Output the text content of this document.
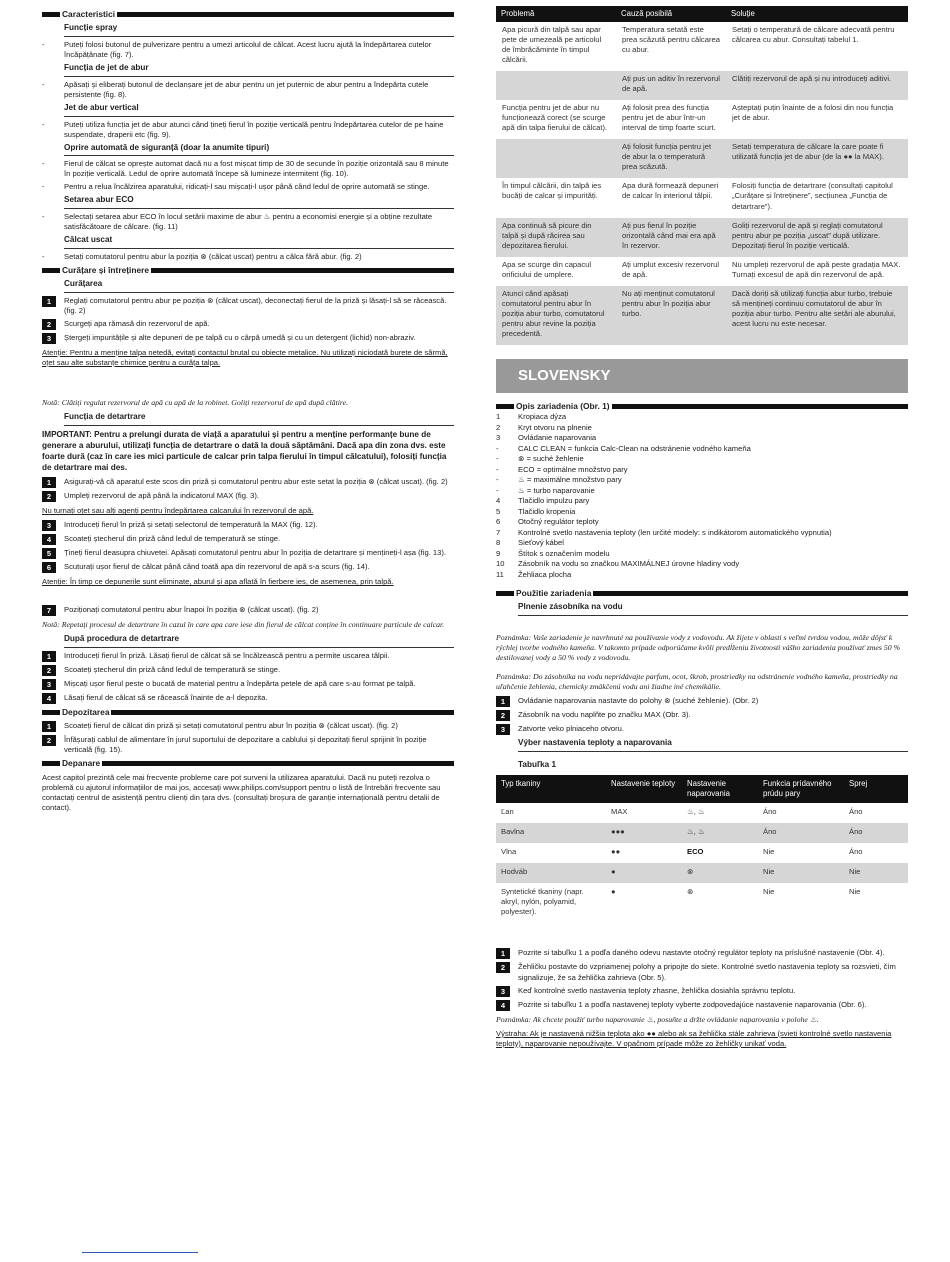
Caracteristici
Funcție spray
-	Puteți folosi butonul de pulverizare pentru a umezi articolul de călcat. Acest lucru ajută la îndepărtarea cutelor încăpățânate (fig. 7).
Funcția de jet de abur
-	Apăsați și eliberați butonul de declanșare jet de abur pentru un jet puternic de abur pentru a îndepărta cutele persistente (fig. 8).
Jet de abur vertical
-	Puteți utiliza funcția jet de abur atunci când țineți fierul în poziție verticală pentru îndepărtarea cutelor de pe haine suspendate, draperii etc (fig. 9).
Oprire automată de siguranță (doar la anumite tipuri)
-	Fierul de călcat se oprește automat dacă nu a fost mișcat timp de 30 de secunde în poziție orizontală sau 8 minute în poziție verticală. Ledul de oprire automată începe să lumineze intermitent (fig. 10).
-	Pentru a relua încălzirea aparatului, ridicați-l sau mișcați-l ușor până când ledul de oprire automată se stinge.
Setarea abur ECO
-	Selectați setarea abur ECO în locul setării maxime de abur ♨ pentru a economisi energie și a obține rezultate satisfăcătoare de călcare. (fig. 11)
Călcat uscat
-	Setați comutatorul pentru abur la poziția ⊗ (călcat uscat) pentru a călca fără abur. (fig. 2)
Curățare și întreținere
Curățarea
1	Reglați comutatorul pentru abur pe poziția ⊗ (călcat uscat), deconectați fierul de la priză și lăsați-l să se răcească. (fig. 2)
2	Scurgeți apa rămasă din rezervorul de apă.
3	Ștergeți impuritățile și alte depuneri de pe talpă cu o cârpă umedă și cu un detergent (lichid) non-abraziv.
Atenție: Pentru a menține talpa netedă, evitați contactul brutal cu obiecte metalice. Nu utilizați niciodată burete de sârmă, oțet sau alte substanțe chimice pentru a curăța talpa.
Notă: Clătiți regulat rezervorul de apă cu apă de la robinet. Goliți rezervorul de apă după clătire.
Funcția de detartrare
IMPORTANT: Pentru a prelungi durata de viață a aparatului și pentru a menține performanțe bune de generare a aburului, utilizați funcția de detartrare o dată la două săptămâni. Dacă apa din zona dvs. este foarte dură (caz în care ies mici particule de calcar prin talpa fierului în timpul călcatului), folosiți funcția de detartrare mai des.
1	Asigurați-vă că aparatul este scos din priză și comutatorul pentru abur este setat la poziția ⊗ (călcat uscat). (fig. 2)
2	Umpleți rezervorul de apă până la indicatorul MAX (fig. 3).
Nu turnați oțet sau alți agenți pentru îndepărtarea calcarului în rezervorul de apă.
3	Introduceți fierul în priză și setați selectorul de temperatură la MAX (fig. 12).
4	Scoateți ștecherul din priză când ledul de temperatură se stinge.
5	Țineți fierul deasupra chiuvetei. Apăsați comutatorul pentru abur în poziția de detartrare și mențineți-l așa (fig. 13).
6	Scuturați ușor fierul de călcat până când toată apa din rezervorul de apă s-a scurs (fig. 14).
Atenție: În timp ce depunerile sunt eliminate, aburul și apa aflată în fierbere ies, de asemenea, prin talpă.
7	Poziționați comutatorul pentru abur înapoi în poziția ⊗ (călcat uscat). (fig. 2)
Notă: Repetați procesul de detartrare în cazul în care apa care iese din fierul de călcat conține în continuare particule de calcar.
După procedura de detartrare
1	Introduceți fierul în priză. Lăsați fierul de călcat să se încălzească pentru a permite uscarea tălpii.
2	Scoateți ștecherul din priză când ledul de temperatură se stinge.
3	Mișcați ușor fierul peste o bucată de material pentru a îndepărta petele de apă care s-au format pe talpă.
4	Lăsați fierul de călcat să se răcească înainte de a-l depozita.
Depozitarea
1	Scoateți fierul de călcat din priză și setați comutatorul pentru abur în poziția ⊗ (călcat uscat). (fig. 2)
2	Înfășurați cablul de alimentare în jurul suportului de depozitare a cablului și depozitați fierul sprijinit în poziție verticală (fig. 15).
Depanare
Acest capitol prezintă cele mai frecvente probleme care pot surveni la utilizarea aparatului. Dacă nu puteți rezolva o problemă cu ajutorul informațiilor de mai jos, accesați www.philips.com/support pentru o listă de întrebări frecvente sau contactați centrul de asistență pentru clienți din țara dvs. (consultați broșura de garanție internațională pentru detalii de contact).
Problemă	Cauză posibilă	Soluție
Apa picură din talpă sau apar pete de umezeală pe articolul de îmbrăcăminte în timpul călcării.	Temperatura setată este prea scăzută pentru călcarea cu abur.	Setați o temperatură de călcare adecvată pentru călcarea cu abur. Consultați tabelul 1.
	Ați pus un aditiv în rezervorul de apă.	Clătiți rezervorul de apă și nu introduceți aditivi.
Funcția pentru jet de abur nu funcționează corect (se scurge apă din talpa fierului de călcat).	Ați folosit prea des funcția pentru jet de abur într-un interval de timp foarte scurt.	Așteptați puțin înainte de a folosi din nou funcția jet de abur.
	Ați folosit funcția pentru jet de abur la o temperatură prea scăzută.	Setați temperatura de călcare la care poate fi utilizată funcția jet de abur (de la ●● la MAX).
În timpul călcării, din talpă ies bucăți de calcar și impurități.	Apa dură formează depuneri de calcar în interiorul tălpii.	Folosiți funcția de detartrare (consultați capitolul „Curățare și întreținere”, secțiunea „Funcția de detartrare”).
Apa continuă să picure din talpă și după răcirea sau depozitarea fierului.	Ați pus fierul în poziție orizontală când mai era apă în rezervor.	Goliți rezervorul de apă și reglați comutatorul pentru abur pe poziția „uscat” după utilizare. Depozitați fierul în poziție verticală.
Apa se scurge din capacul orificiului de umplere.	Ați umplut excesiv rezervorul de apă.	Nu umpleți rezervorul de apă peste gradația MAX. Turnați excesul de apă din rezervorul de apă.
Atunci când apăsați comutatorul pentru abur în poziția abur turbo, comutatorul pentru abur revine la poziția precedentă.	Nu ați menținut comutatorul pentru abur în poziția abur turbo.	Dacă doriți să utilizați funcția abur turbo, trebuie să mențineți continuu comutatorul de abur în poziția abur turbo. Pentru alte setări ale aburului, acest lucru nu este necesar.
SLOVENSKY
Opis zariadenia (Obr. 1)
1	Kropiaca dýza
2	Kryt otvoru na plnenie
3	Ovládanie naparovania
-	CALC CLEAN = funkcia Calc-Clean na odstránenie vodného kameňa
-	⊗ = suché žehlenie
-	ECO = optimálne množstvo pary
-	♨ = maximálne množstvo pary
-	♨ = turbo naparovanie
4	Tlačidlo impulzu pary
5	Tlačidlo kropenia
6	Otočný regulátor teploty
7	Kontrolné svetlo nastavenia teploty (len určité modely: s indikátorom automatického vypnutia)
8	Sieťový kábel
9	Štítok s označením modelu
10	Zásobník na vodu so značkou MAXIMÁLNEJ úrovne hladiny vody
11	Žehliaca plocha
Použitie zariadenia
Plnenie zásobníka na vodu
Poznámka: Vaše zariadenie je navrhnuté na používanie vody z vodovodu. Ak žijete v oblasti s veľmi tvrdou vodou, môže dôjsť k rýchlej tvorbe vodného kameňa. V takomto prípade odporúčame kvôli predĺženiu životnosti vášho zariadenia používať zmes 50 % destilovanej vody a 50 % vody z vodovodu.
Poznámka: Do zásobníka na vodu nepridávajte parfum, ocot, škrob, prostriedky na odstránenie vodného kameňa, prostriedky na uľahčenie žehlenia, chemicky zmäkčenú vodu ani žiadne iné chemikálie.
1	Ovládanie naparovania nastavte do polohy ⊗ (suché žehlenie). (Obr. 2)
2	Zásobník na vodu naplňte po značku MAX (Obr. 3).
3	Zatvorte veko plniaceho otvoru.
Výber nastavenia teploty a naparovania
Tabuľka 1
Typ tkaniny	Nastavenie teploty	Nastavenie naparovania	Funkcia prídavného prúdu pary	Sprej
Ľan	MAX	♨, ♨	Áno	Áno
Bavlna	●●●	♨, ♨	Áno	Áno
Vlna	●●	ECO	Nie	Áno
Hodváb	●	⊗	Nie	Nie
Syntetické tkaniny (napr. akryl, nylón, polyamid, polyester).	●	⊗	Nie	Nie
1	Pozrite si tabuľku 1 a podľa daného odevu nastavte otočný regulátor teploty na príslušné nastavenie (Obr. 4).
2	Žehličku postavte do vzpriamenej polohy a pripojte do siete. Kontrolné svetlo nastavenia teploty sa rozsvieti, čím signalizuje, že sa žehlička zahrieva (Obr. 5).
3	Keď kontrolné svetlo nastavenia teploty zhasne, žehlička dosiahla správnu teplotu.
4	Pozrite si tabuľku 1 a podľa nastavenej teploty vyberte zodpovedajúce nastavenie naparovania (Obr. 6).
Poznámka: Ak chcete použiť turbo naparovanie ♨, posuňte a držte ovládanie naparovania v polohe ♨.
Výstraha: Ak je nastavená nižšia teplota ako ●● alebo ak sa žehlička stále zahrieva (svieti kontrolné svetlo nastavenia teploty), naparovanie nepoužívajte. V opačnom prípade môže zo žehličky unikať voda.
